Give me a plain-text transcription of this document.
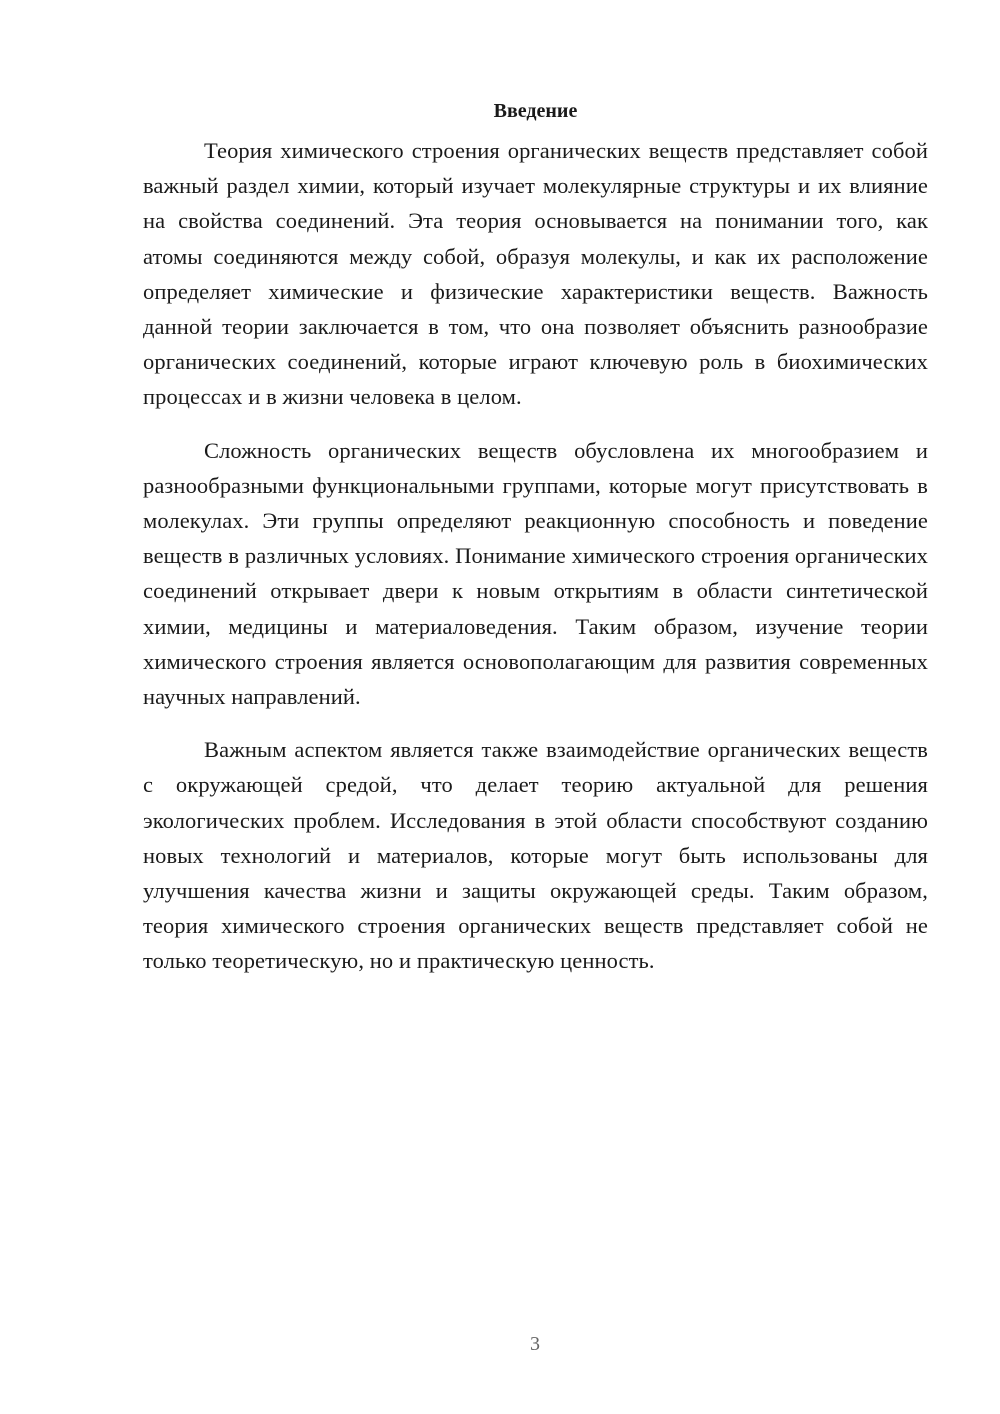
Введение

Теория химического строения органических веществ представляет собой важный раздел химии, который изучает молекулярные структуры и их влияние на свойства соединений. Эта теория основывается на понимании того, как атомы соединяются между собой, образуя молекулы, и как их расположение определяет химические и физические характеристики веществ. Важность данной теории заключается в том, что она позволяет объяснить разнообразие органических соединений, которые играют ключевую роль в биохимических процессах и в жизни человека в целом.

Сложность органических веществ обусловлена их многообразием и разнообразными функциональными группами, которые могут присутствовать в молекулах. Эти группы определяют реакционную способность и поведение веществ в различных условиях. Понимание химического строения органических соединений открывает двери к новым открытиям в области синтетической химии, медицины и материаловедения. Таким образом, изучение теории химического строения является основополагающим для развития современных научных направлений.

Важным аспектом является также взаимодействие органических веществ с окружающей средой, что делает теорию актуальной для решения экологических проблем. Исследования в этой области способствуют созданию новых технологий и материалов, которые могут быть использованы для улучшения качества жизни и защиты окружающей среды. Таким образом, теория химического строения органических веществ представляет собой не только теоретическую, но и практическую ценность.

3
